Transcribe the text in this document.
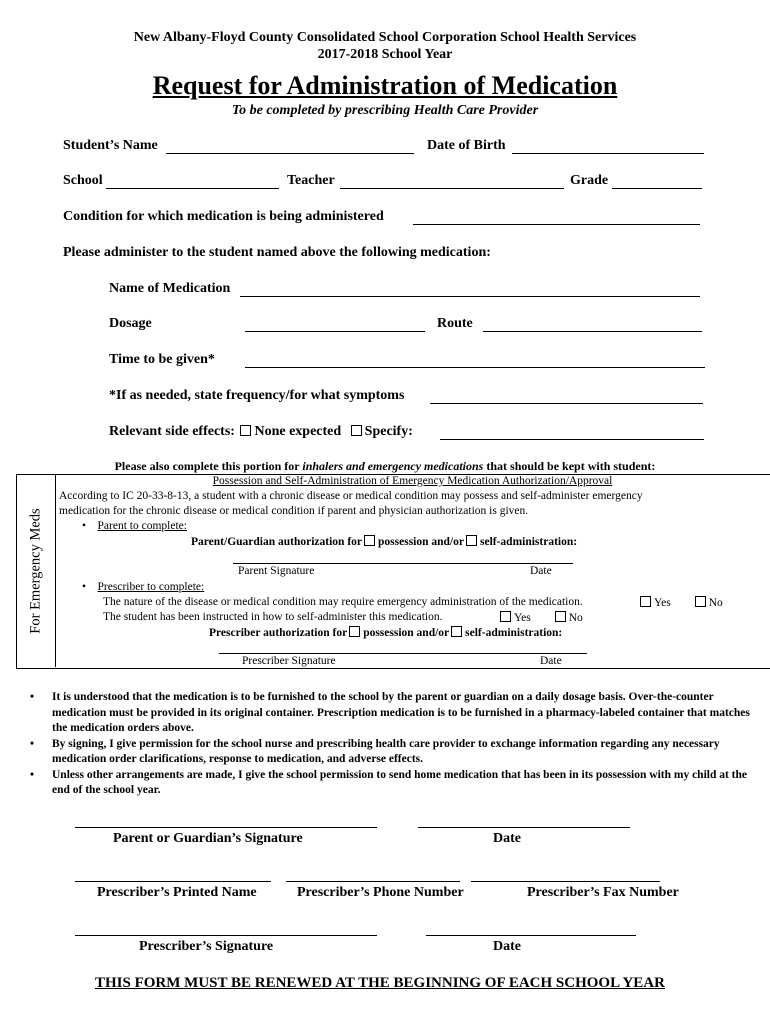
New Albany-Floyd County Consolidated School Corporation School Health Services
2017-2018 School Year
Request for Administration of Medication
To be completed by prescribing Health Care Provider
Student’s Name	Date of Birth
School	Teacher	Grade
Condition for which medication is being administered
Please administer to the student named above the following medication:
Name of Medication
Dosage	Route
Time to be given*
*If as needed, state frequency/for what symptoms
Relevant side effects: None expected Specify:
Please also complete this portion for inhalers and emergency medications that should be kept with student:
For Emergency Meds
Possession and Self-Administration of Emergency Medication Authorization/Approval
According to IC 20-33-8-13, a student with a chronic disease or medical condition may possess and self-administer emergency
medication for the chronic disease or medical condition if parent and physician authorization is given.
•    Parent to complete:
Parent/Guardian authorization for possession and/or self-administration:
Parent Signature	Date
•    Prescriber to complete:
The nature of the disease or medical condition may require emergency administration of the medication.	Yes	No
The student has been instructed in how to self-administer this medication.	Yes	No
Prescriber authorization for possession and/or self-administration:
Prescriber Signature	Date
• It is understood that the medication is to be furnished to the school by the parent or guardian on a daily dosage basis. Over-the-counter medication must be provided in its original container. Prescription medication is to be furnished in a pharmacy-labeled container that matches the medication orders above.
• By signing, I give permission for the school nurse and prescribing health care provider to exchange information regarding any necessary medication order clarifications, response to medication, and adverse effects.
• Unless other arrangements are made, I give the school permission to send home medication that has been in its possession with my child at the end of the school year.
Parent or Guardian’s Signature	Date
Prescriber’s Printed Name	Prescriber’s Phone Number	Prescriber’s Fax Number
Prescriber’s Signature	Date
THIS FORM MUST BE RENEWED AT THE BEGINNING OF EACH SCHOOL YEAR
